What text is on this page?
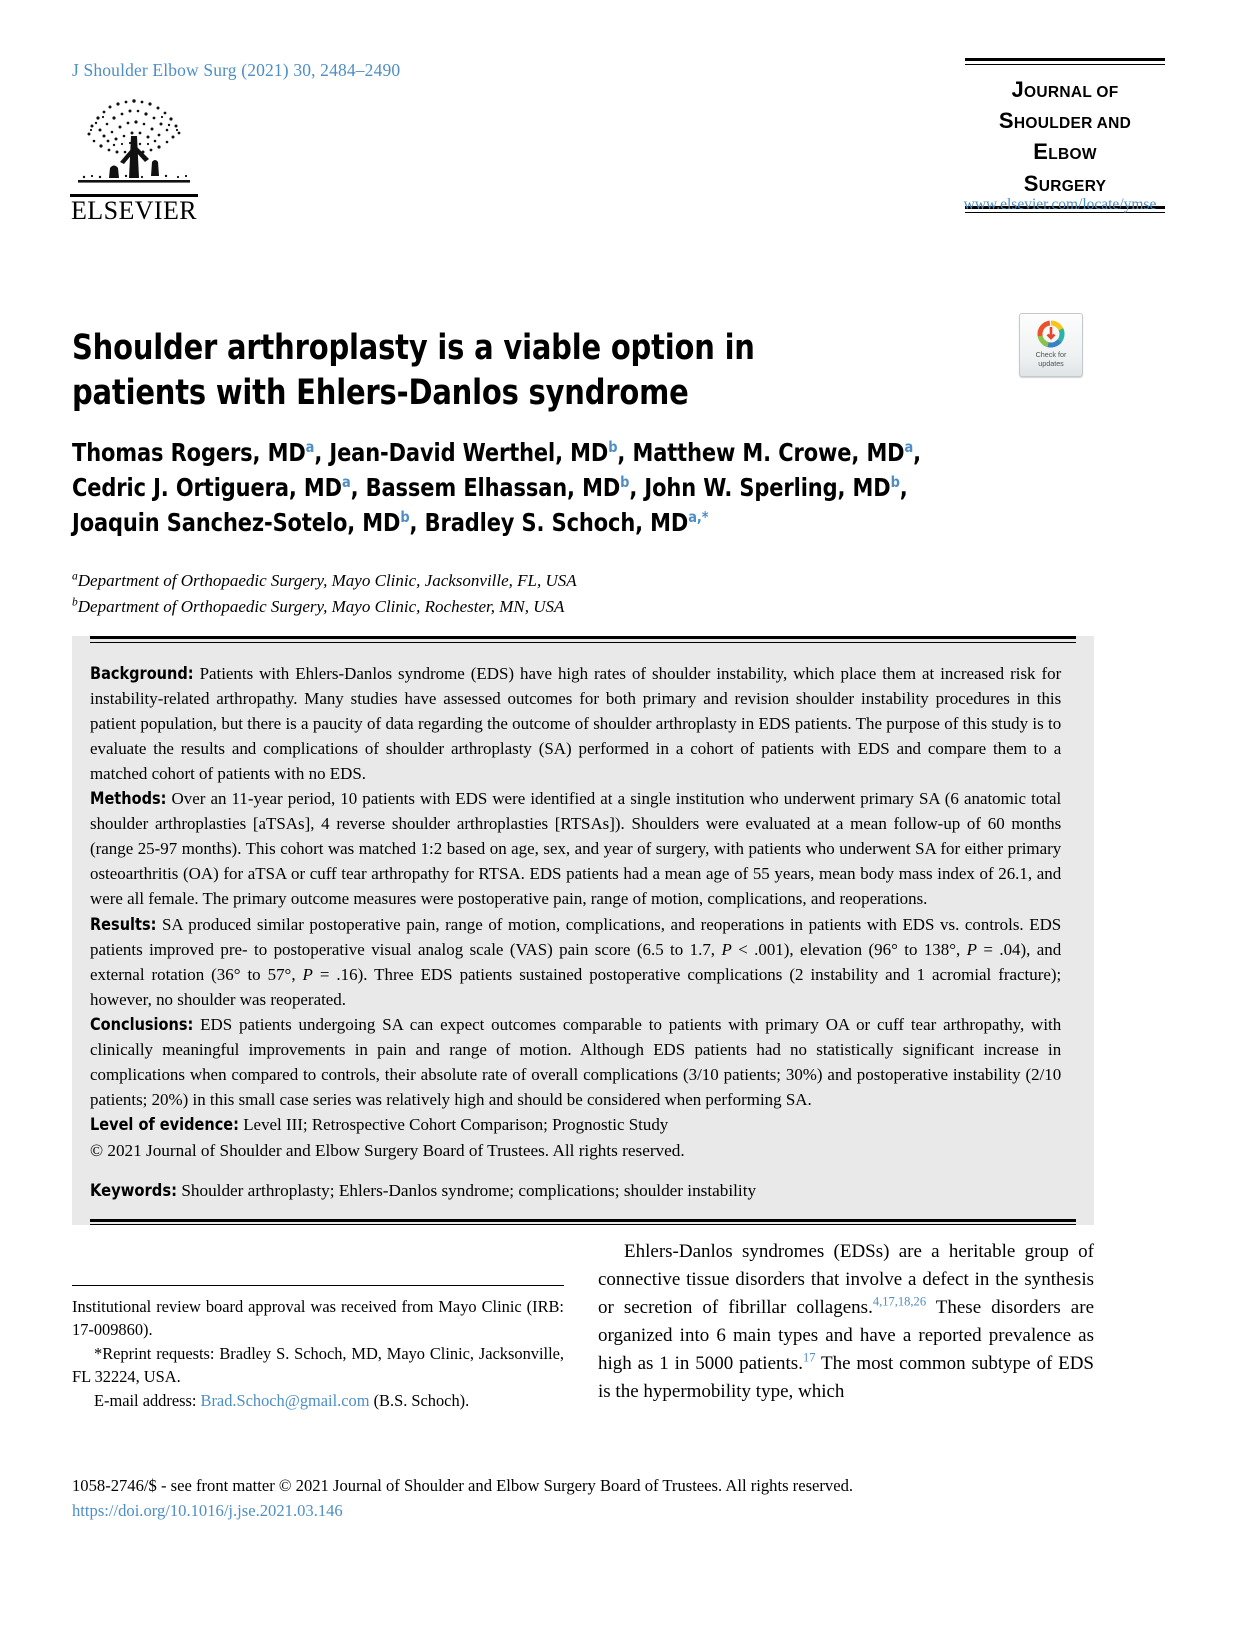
J Shoulder Elbow Surg (2021) 30, 2484–2490
ELSEVIER
JOURNAL OF
SHOULDER AND
ELBOW
SURGERY
www.elsevier.com/locate/ymse
Shoulder arthroplasty is a viable option in patients with Ehlers-Danlos syndrome
Check for
updates
Thomas Rogers, $MD^a$, Jean-David Werthel, $MD^b$, Matthew M. Crowe, $MD^a$, Cedric J. Ortiguera, $MD^a$, Bassem Elhassan, $MD^b$, John W. Sperling, $MD^b$, Joaquin Sanchez-Sotelo, $MD^b$, Bradley S. Schoch, $MD^{a,*}$
$^a$Department of Orthopaedic Surgery, Mayo Clinic, Jacksonville, FL, USA
$^b$Department of Orthopaedic Surgery, Mayo Clinic, Rochester, MN, USA

Background: Patients with Ehlers-Danlos syndrome (EDS) have high rates of shoulder instability, which place them at increased risk for instability-related arthropathy. Many studies have assessed outcomes for both primary and revision shoulder instability procedures in this patient population, but there is a paucity of data regarding the outcome of shoulder arthroplasty in EDS patients. The purpose of this study is to evaluate the results and complications of shoulder arthroplasty (SA) performed in a cohort of patients with EDS and compare them to a matched cohort of patients with no EDS.

Methods: Over an 11-year period, 10 patients with EDS were identified at a single institution who underwent primary SA (6 anatomic total shoulder arthroplasties [aTSAs], 4 reverse shoulder arthroplasties [RTSAs]). Shoulders were evaluated at a mean follow-up of 60 months (range 25-97 months). This cohort was matched 1:2 based on age, sex, and year of surgery, with patients who underwent SA for either primary osteoarthritis (OA) for aTSA or cuff tear arthropathy for RTSA. EDS patients had a mean age of 55 years, mean body mass index of 26.1, and were all female. The primary outcome measures were postoperative pain, range of motion, complications, and reoperations.

Results: SA produced similar postoperative pain, range of motion, complications, and reoperations in patients with EDS vs. controls. EDS patients improved pre- to postoperative visual analog scale (VAS) pain score (6.5 to 1.7, P < .001), elevation (96° to 138°, P = .04), and external rotation (36° to 57°, P = .16). Three EDS patients sustained postoperative complications (2 instability and 1 acromial fracture); however, no shoulder was reoperated.

Conclusions: EDS patients undergoing SA can expect outcomes comparable to patients with primary OA or cuff tear arthropathy, with clinically meaningful improvements in pain and range of motion. Although EDS patients had no statistically significant increase in complications when compared to controls, their absolute rate of overall complications (3/10 patients; 30%) and postoperative instability (2/10 patients; 20%) in this small case series was relatively high and should be considered when performing SA.

Level of evidence: Level III; Retrospective Cohort Comparison; Prognostic Study

© 2021 Journal of Shoulder and Elbow Surgery Board of Trustees. All rights reserved.
Keywords: Shoulder arthroplasty; Ehlers-Danlos syndrome; complications; shoulder instability

Institutional review board approval was received from Mayo Clinic (IRB: 17-009860).

*Reprint requests: Bradley S. Schoch, MD, Mayo Clinic, Jacksonville, FL 32224, USA.

E-mail address: Brad.Schoch@gmail.com (B.S. Schoch).

Ehlers-Danlos syndromes (EDSs) are a heritable group of connective tissue disorders that involve a defect in the synthesis or secretion of fibrillar collagens.$^{4,17,18,26}$ These disorders are organized into 6 main types and have a reported prevalence as high as 1 in 5000 patients.$^{17}$ The most common subtype of EDS is the hypermobility type, which

1058-2746/$ - see front matter © 2021 Journal of Shoulder and Elbow Surgery Board of Trustees. All rights reserved.
https://doi.org/10.1016/j.jse.2021.03.146
